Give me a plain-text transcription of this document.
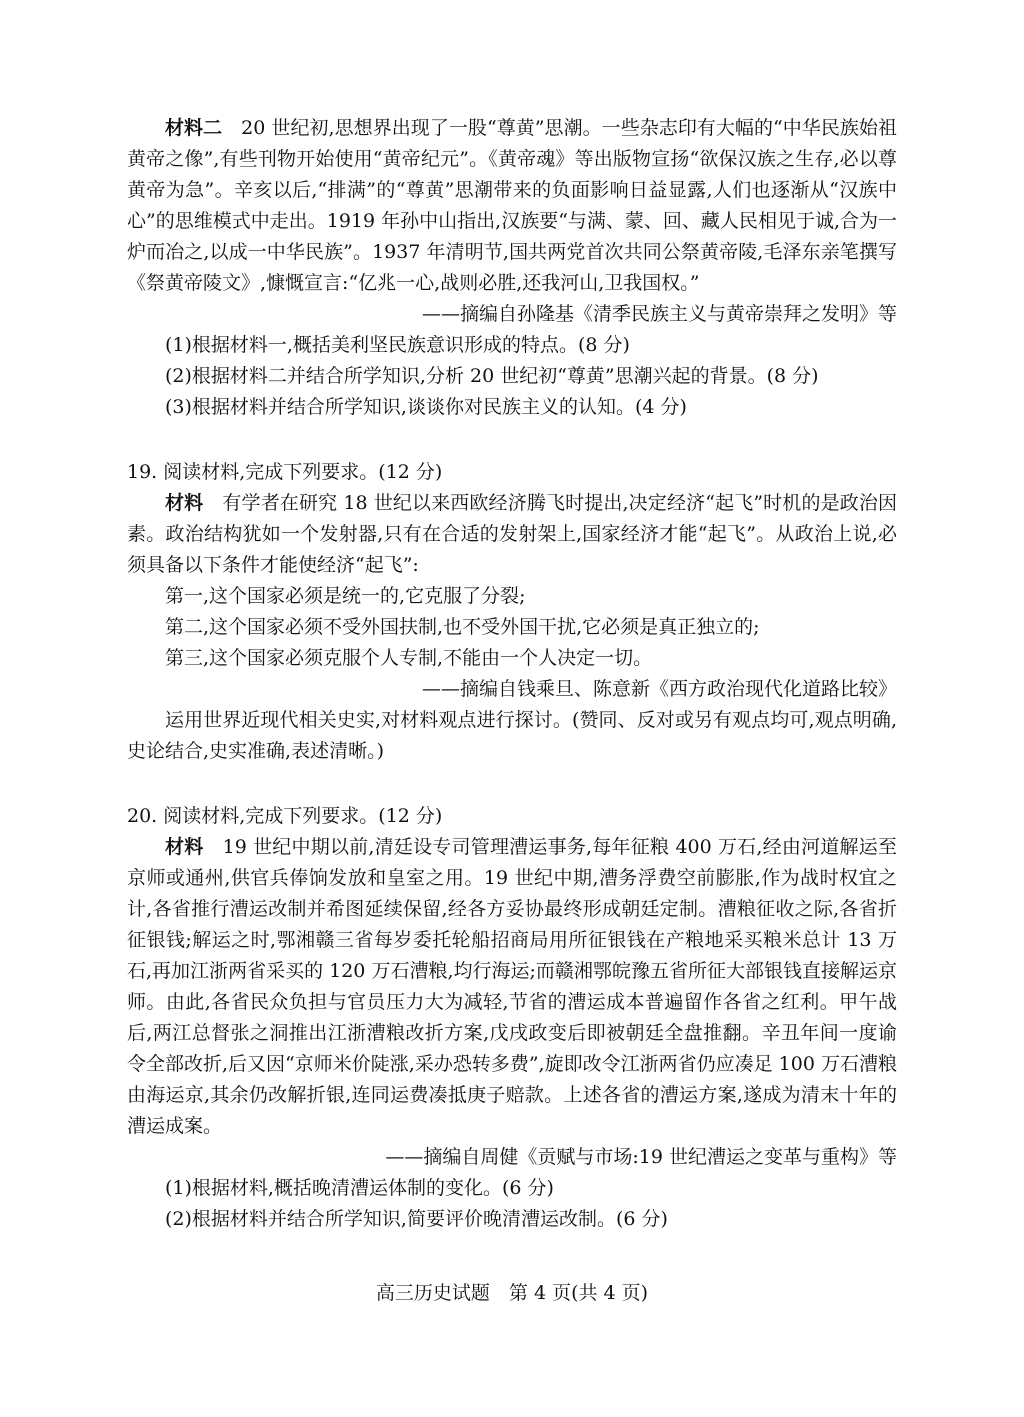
材料二　 20 世纪初,思想界出现了一股“尊黄”思潮。一些杂志印有大幅的“中华民族始祖黄帝之像”,有些刊物开始使用“黄帝纪元”。《黄帝魂》等出版物宣扬“欲保汉族之生存,必以尊黄帝为急”。辛亥以后,“排满”的“尊黄”思潮带来的负面影响日益显露,人们也逐渐从“汉族中心”的思维模式中走出。1919 年孙中山指出,汉族要“与满、蒙、回、藏人民相见于诚,合为一炉而冶之,以成一中华民族”。1937 年清明节,国共两党首次共同公祭黄帝陵,毛泽东亲笔撰写《祭黄帝陵文》,慷慨宣言:“亿兆一心,战则必胜,还我河山,卫我国权。”

——摘编自孙隆基《清季民族主义与黄帝崇拜之发明》等

(1)根据材料一,概括美利坚民族意识形成的特点。(8 分)

(2)根据材料二并结合所学知识,分析 20 世纪初“尊黄”思潮兴起的背景。(8 分)

(3)根据材料并结合所学知识,谈谈你对民族主义的认知。(4 分)

19. 阅读材料,完成下列要求。(12 分)

材料　 有学者在研究 18 世纪以来西欧经济腾飞时提出,决定经济“起飞”时机的是政治因素。政治结构犹如一个发射器,只有在合适的发射架上,国家经济才能“起飞”。从政治上说,必须具备以下条件才能使经济“起飞”:

第一,这个国家必须是统一的,它克服了分裂;

第二,这个国家必须不受外国扶制,也不受外国干扰,它必须是真正独立的;

第三,这个国家必须克服个人专制,不能由一个人决定一切。

——摘编自钱乘旦、陈意新《西方政治现代化道路比较》

运用世界近现代相关史实,对材料观点进行探讨。(赞同、反对或另有观点均可,观点明确,史论结合,史实准确,表述清晰。)

20. 阅读材料,完成下列要求。(12 分)

材料　 19 世纪中期以前,清廷设专司管理漕运事务,每年征粮 400 万石,经由河道解运至京师或通州,供官兵俸饷发放和皇室之用。19 世纪中期,漕务浮费空前膨胀,作为战时权宜之计,各省推行漕运改制并希图延续保留,经各方妥协最终形成朝廷定制。漕粮征收之际,各省折征银钱;解运之时,鄂湘赣三省每岁委托轮船招商局用所征银钱在产粮地采买粮米总计 13 万石,再加江浙两省采买的 120 万石漕粮,均行海运;而赣湘鄂皖豫五省所征大部银钱直接解运京师。由此,各省民众负担与官员压力大为减轻,节省的漕运成本普遍留作各省之红利。甲午战后,两江总督张之洞推出江浙漕粮改折方案,戊戌政变后即被朝廷全盘推翻。辛丑年间一度谕令全部改折,后又因“京师米价陡涨,采办恐转多费”,旋即改令江浙两省仍应凑足 100 万石漕粮由海运京,其余仍改解折银,连同运费凑抵庚子赔款。上述各省的漕运方案,遂成为清末十年的漕运成案。

——摘编自周健《贡赋与市场:19 世纪漕运之变革与重构》等

(1)根据材料,概括晚清漕运体制的变化。(6 分)

(2)根据材料并结合所学知识,简要评价晚清漕运改制。(6 分)

高三历史试题　第 4 页(共 4 页)
